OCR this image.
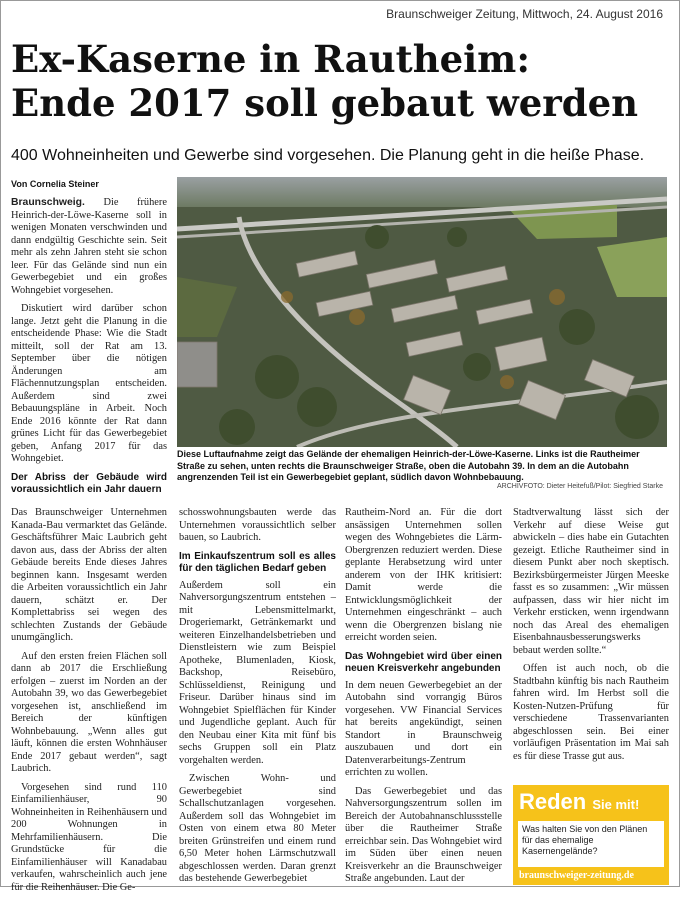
Braunschweiger Zeitung, Mittwoch, 24. August 2016
Ex-Kaserne in Rautheim:
Ende 2017 soll gebaut werden
400 Wohneinheiten und Gewerbe sind vorgesehen. Die Planung geht in die heiße Phase.
Von Cornelia Steiner

Braunschweig. Die frühere Heinrich-der-Löwe-Kaserne soll in wenigen Monaten verschwinden und dann endgültig Geschichte sein. Seit mehr als zehn Jahren steht sie schon leer. Für das Gelände sind nun ein Gewerbegebiet und ein großes Wohngebiet vorgesehen.

Diskutiert wird darüber schon lange. Jetzt geht die Planung in die entscheidende Phase: Wie die Stadt mitteilt, soll der Rat am 13. September über die nötigen Änderungen am Flächennutzungsplan entscheiden. Außerdem sind zwei Bebauungspläne in Arbeit. Noch Ende 2016 könnte der Rat dann grünes Licht für das Gewerbegebiet geben, Anfang 2017 für das Wohngebiet.

Der Abriss der Gebäude wird voraussichtlich ein Jahr dauern

Das Braunschweiger Unternehmen Kanada-Bau vermarktet das Gelände. Geschäftsführer Maic Laubrich geht davon aus, dass der Abriss der alten Gebäude bereits Ende dieses Jahres beginnen kann. Insgesamt werden die Arbeiten voraussichtlich ein Jahr dauern, schätzt er. Der Komplettabriss sei wegen des schlechten Zustands der Gebäude unumgänglich.

Auf den ersten freien Flächen soll dann ab 2017 die Erschließung erfolgen – zuerst im Norden an der Autobahn 39, wo das Gewerbegebiet vorgesehen ist, anschließend im Bereich der künftigen Wohnbebauung. „Wenn alles gut läuft, können die ersten Wohnhäuser Ende 2017 gebaut werden“, sagt Laubrich.

Vorgesehen sind rund 110 Einfamilienhäuser, 90 Wohneinheiten in Reihenhäusern und 200 Wohnungen in Mehrfamilienhäusern. Die Grundstücke für die Einfamilienhäuser will Kanadabau verkaufen, wahrscheinlich auch jene für die Reihenhäuser. Die Ge-

Diese Luftaufnahme zeigt das Gelände der ehemaligen Heinrich-der-Löwe-Kaserne. Links ist die Rautheimer Straße zu sehen, unten rechts die Braunschweiger Straße, oben die Autobahn 39. In dem an die Autobahn angrenzenden Teil ist ein Gewerbegebiet geplant, südlich davon Wohnbebauung.
ARCHIVFOTO: Dieter Heitefuß/Pilot: Siegfried Starke

schosswohnungsbauten werde das Unternehmen voraussichtlich selber bauen, so Laubrich.

Im Einkaufszentrum soll es alles für den täglichen Bedarf geben

Außerdem soll ein Nahversorgungszentrum entstehen – mit Lebensmittelmarkt, Drogeriemarkt, Getränkemarkt und weiteren Einzelhandelsbetrieben und Dienstleistern wie zum Beispiel Apotheke, Blumenladen, Kiosk, Backshop, Reisebüro, Schlüsseldienst, Reinigung und Friseur. Darüber hinaus sind im Wohngebiet Spielflächen für Kinder und Jugendliche geplant. Auch für den Neubau einer Kita mit fünf bis sechs Gruppen soll ein Platz vorgehalten werden.

Zwischen Wohn- und Gewerbegebiet sind Schallschutzanlagen vorgesehen. Außerdem soll das Wohngebiet im Osten von einem etwa 80 Meter breiten Grünstreifen und einem rund 6,50 Meter hohen Lärmschutzwall abgeschlossen werden. Daran grenzt das bestehende Gewerbegebiet

Rautheim-Nord an. Für die dort ansässigen Unternehmen sollen wegen des Wohngebietes die Lärm-Obergrenzen reduziert werden. Diese geplante Herabsetzung wird unter anderem von der IHK kritisiert: Damit werde die Entwicklungsmöglichkeit der Unternehmen eingeschränkt – auch wenn die Obergrenzen bislang nie erreicht worden seien.

Das Wohngebiet wird über einen neuen Kreisverkehr angebunden

In dem neuen Gewerbegebiet an der Autobahn sind vorrangig Büros vorgesehen. VW Financial Services hat bereits angekündigt, seinen Standort in Braunschweig auszubauen und dort ein Datenverarbeitungs-Zentrum errichten zu wollen.

Das Gewerbegebiet und das Nahversorgungszentrum sollen im Bereich der Autobahnanschlussstelle über die Rautheimer Straße erreichbar sein. Das Wohngebiet wird im Süden über einen neuen Kreisverkehr an die Braunschweiger Straße angebunden. Laut der

Stadtverwaltung lässt sich der Verkehr auf diese Weise gut abwickeln – dies habe ein Gutachten gezeigt. Etliche Rautheimer sind in diesem Punkt aber noch skeptisch. Bezirksbürgermeister Jürgen Meeske fasst es so zusammen: „Wir müssen aufpassen, dass wir hier nicht im Verkehr ersticken, wenn irgendwann noch das Areal des ehemaligen Eisenbahnausbesserungswerks bebaut werden sollte.“

Offen ist auch noch, ob die Stadtbahn künftig bis nach Rautheim fahren wird. Im Herbst soll die Kosten-Nutzen-Prüfung für verschiedene Trassenvarianten abgeschlossen sein. Bei einer vorläufigen Präsentation im Mai sah es für diese Trasse gut aus.

Reden Sie mit!
Was halten Sie von den Plänen für das ehemalige Kasernengelände?
braunschweiger-zeitung.de
